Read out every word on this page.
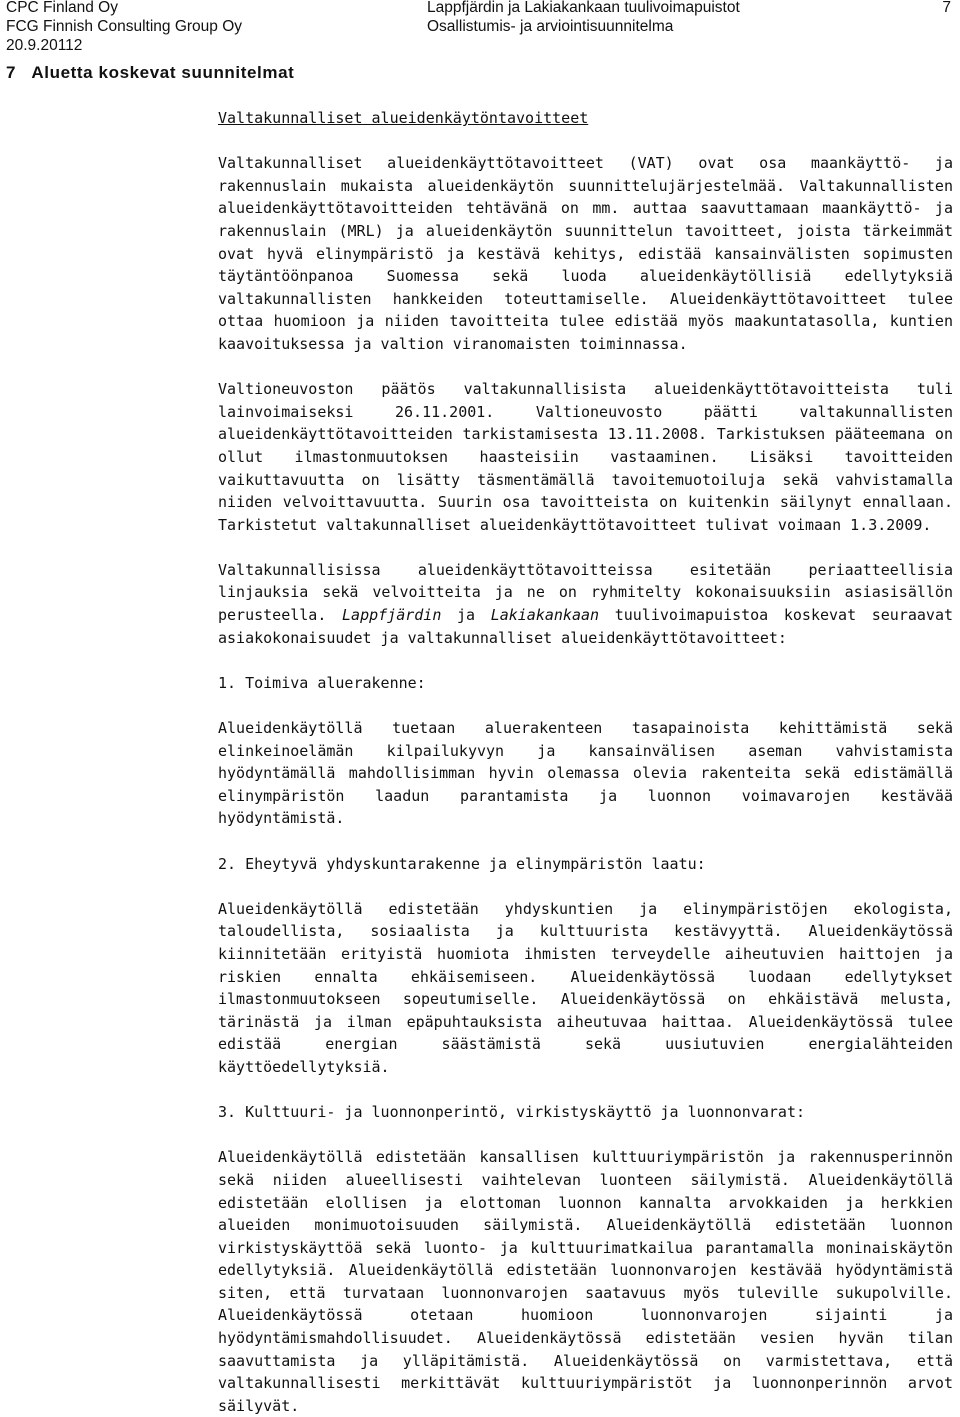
CPC Finland Oy
FCG Finnish Consulting Group Oy
20.9.20112
Lappfjärdin ja Lakiakankaan tuulivoimapuistot
Osallistumis- ja arviointisuunnitelma
7
7   Aluetta koskevat suunnitelmat

Valtakunnalliset alueidenkäytöntavoitteet

Valtakunnalliset alueidenkäyttötavoitteet (VAT) ovat osa maankäyttö- ja rakennuslain mukaista alueidenkäytön suunnittelujärjestelmää. Valtakunnallisten alueidenkäyttötavoitteiden tehtävänä on mm. auttaa saavuttamaan maankäyttö- ja rakennuslain (MRL) ja alueidenkäytön suunnittelun tavoitteet, joista tärkeimmät ovat hyvä elinympäristö ja kestävä kehitys, edistää kansainvälisten sopimusten täytäntöönpanoa Suomessa sekä luoda alueidenkäytöllisiä edellytyksiä valtakunnallisten hankkeiden toteuttamiselle. Alueidenkäyttötavoitteet tulee ottaa huomioon ja niiden tavoitteita tulee edistää myös maakuntatasolla, kuntien kaavoituksessa ja valtion viranomaisten toiminnassa.

Valtioneuvoston päätös valtakunnallisista alueidenkäyttötavoitteista tuli lainvoimaiseksi 26.11.2001. Valtioneuvosto päätti valtakunnallisten alueidenkäyttötavoitteiden tarkistamisesta 13.11.2008. Tarkistuksen pääteemana on ollut ilmastonmuutoksen haasteisiin vastaaminen. Lisäksi tavoitteiden vaikuttavuutta on lisätty täsmentämällä tavoitemuotoiluja sekä vahvistamalla niiden velvoittavuutta. Suurin osa tavoitteista on kuitenkin säilynyt ennallaan. Tarkistetut valtakunnalliset alueidenkäyttötavoitteet tulivat voimaan 1.3.2009.

Valtakunnallisissa alueidenkäyttötavoitteissa esitetään periaatteellisia linjauksia sekä velvoitteita ja ne on ryhmitelty kokonaisuuksiin asiasisällön perusteella. Lappfjärdin ja Lakiakankaan tuulivoimapuistoa koskevat seuraavat asiakokonaisuudet ja valtakunnalliset alueidenkäyttötavoitteet:

1. Toimiva aluerakenne:

Alueidenkäytöllä tuetaan aluerakenteen tasapainoista kehittämistä sekä elinkeinoelämän kilpailukyvyn ja kansainvälisen aseman vahvistamista hyödyntämällä mahdollisimman hyvin olemassa olevia rakenteita sekä edistämällä elinympäristön laadun parantamista ja luonnon voimavarojen kestävää hyödyntämistä.

2. Eheytyvä yhdyskuntarakenne ja elinympäristön laatu:

Alueidenkäytöllä edistetään yhdyskuntien ja elinympäristöjen ekologista, taloudellista, sosiaalista ja kulttuurista kestävyyttä. Alueidenkäytössä kiinnitetään erityistä huomiota ihmisten terveydelle aiheutuvien haittojen ja riskien ennalta ehkäisemiseen. Alueidenkäytössä luodaan edellytykset ilmastonmuutokseen sopeutumiselle. Alueidenkäytössä on ehkäistävä melusta, tärinästä ja ilman epäpuhtauksista aiheutuvaa haittaa. Alueidenkäytössä tulee edistää energian säästämistä sekä uusiutuvien energialähteiden käyttöedellytyksiä.

3. Kulttuuri- ja luonnonperintö, virkistyskäyttö ja luonnonvarat:

Alueidenkäytöllä edistetään kansallisen kulttuuriympäristön ja rakennusperinnön sekä niiden alueellisesti vaihtelevan luonteen säilymistä. Alueidenkäytöllä edistetään elollisen ja elottoman luonnon kannalta arvokkaiden ja herkkien alueiden monimuotoisuuden säilymistä. Alueidenkäytöllä edistetään luonnon virkistyskäyttöä sekä luonto- ja kulttuurimatkailua parantamalla moninaiskäytön edellytyksiä. Alueidenkäytöllä edistetään luonnonvarojen kestävää hyödyntämistä siten, että turvataan luonnonvarojen saatavuus myös tuleville sukupolville. Alueidenkäytössä otetaan huomioon luonnonvarojen sijainti ja hyödyntämismahdollisuudet. Alueidenkäytössä edistetään vesien hyvän tilan saavuttamista ja ylläpitämistä. Alueidenkäytössä on varmistettava, että valtakunnallisesti merkittävät kulttuuriympäristöt ja luonnonperinnön arvot säilyvät.
